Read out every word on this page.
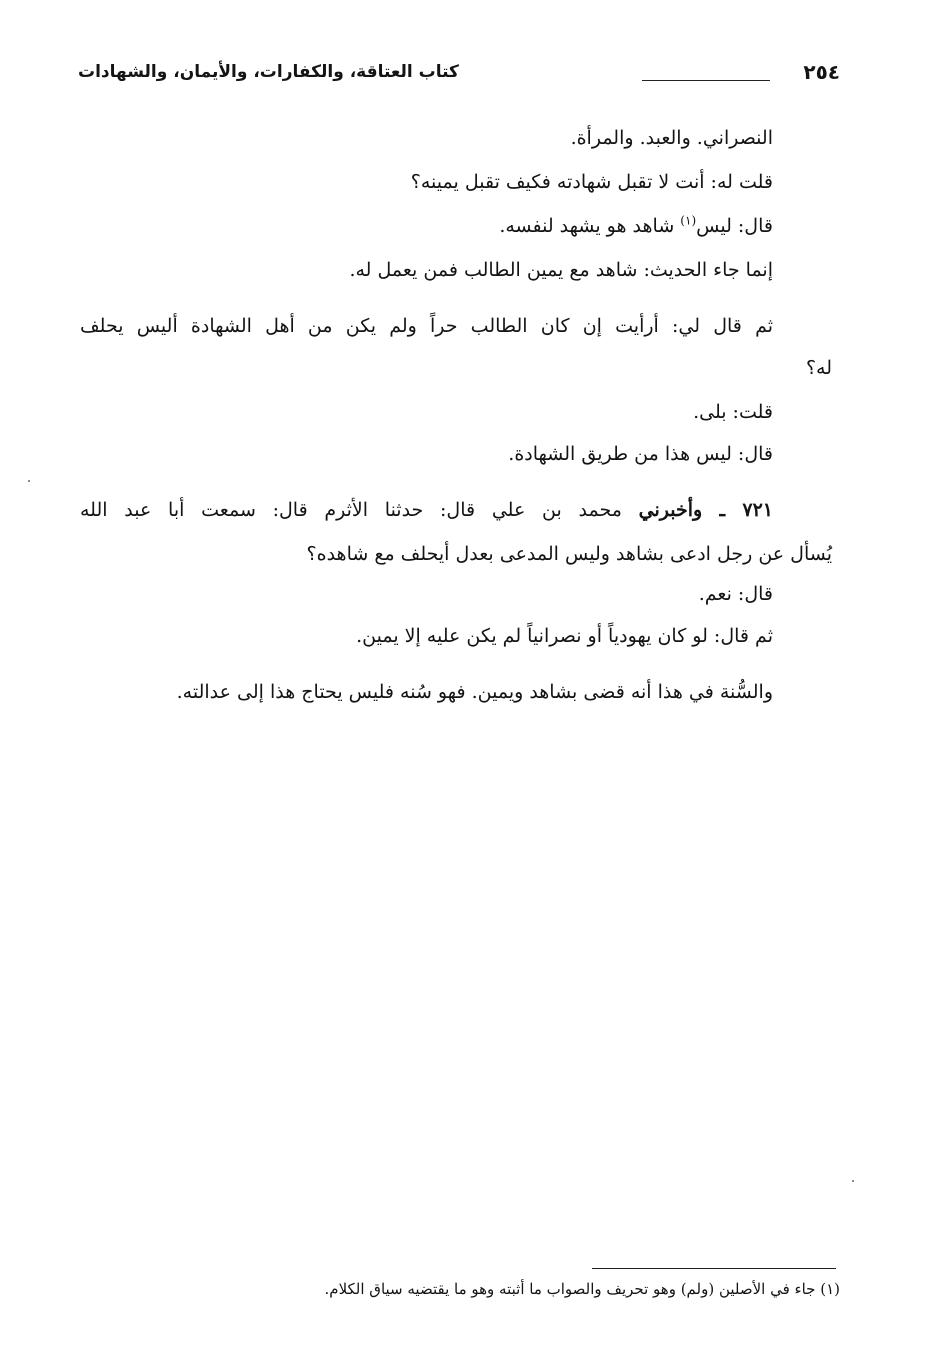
٢٥٤
كتاب العتاقة، والكفارات، والأيمان، والشهادات
النصراني. والعبد. والمرأة.
قلت له: أنت لا تقبل شهادته فكيف تقبل يمينه؟
قال: ليس$^{(١)}$ شاهد هو يشهد لنفسه.
إنما جاء الحديث: شاهد مع يمين الطالب فمن يعمل له.
ثم قال لي: أرأيت إن كان الطالب حراً ولم يكن من أهل الشهادة أليس يحلف
له؟
قلت: بلى.
قال: ليس هذا من طريق الشهادة.
٧٢١ ـ وأخبرني محمد بن علي قال: حدثنا الأثرم قال: سمعت أبا عبد الله
يُسأل عن رجل ادعى بشاهد وليس المدعى بعدل أيحلف مع شاهده؟
قال: نعم.
ثم قال: لو كان يهودياً أو نصرانياً لم يكن عليه إلا يمين.
والسُّنة في هذا أنه قضى بشاهد ويمين. فهو سُنه فليس يحتاج هذا إلى عدالته.
(١) جاء في الأصلين (ولم) وهو تحريف والصواب ما أثبته وهو ما يقتضيه سياق الكلام.
